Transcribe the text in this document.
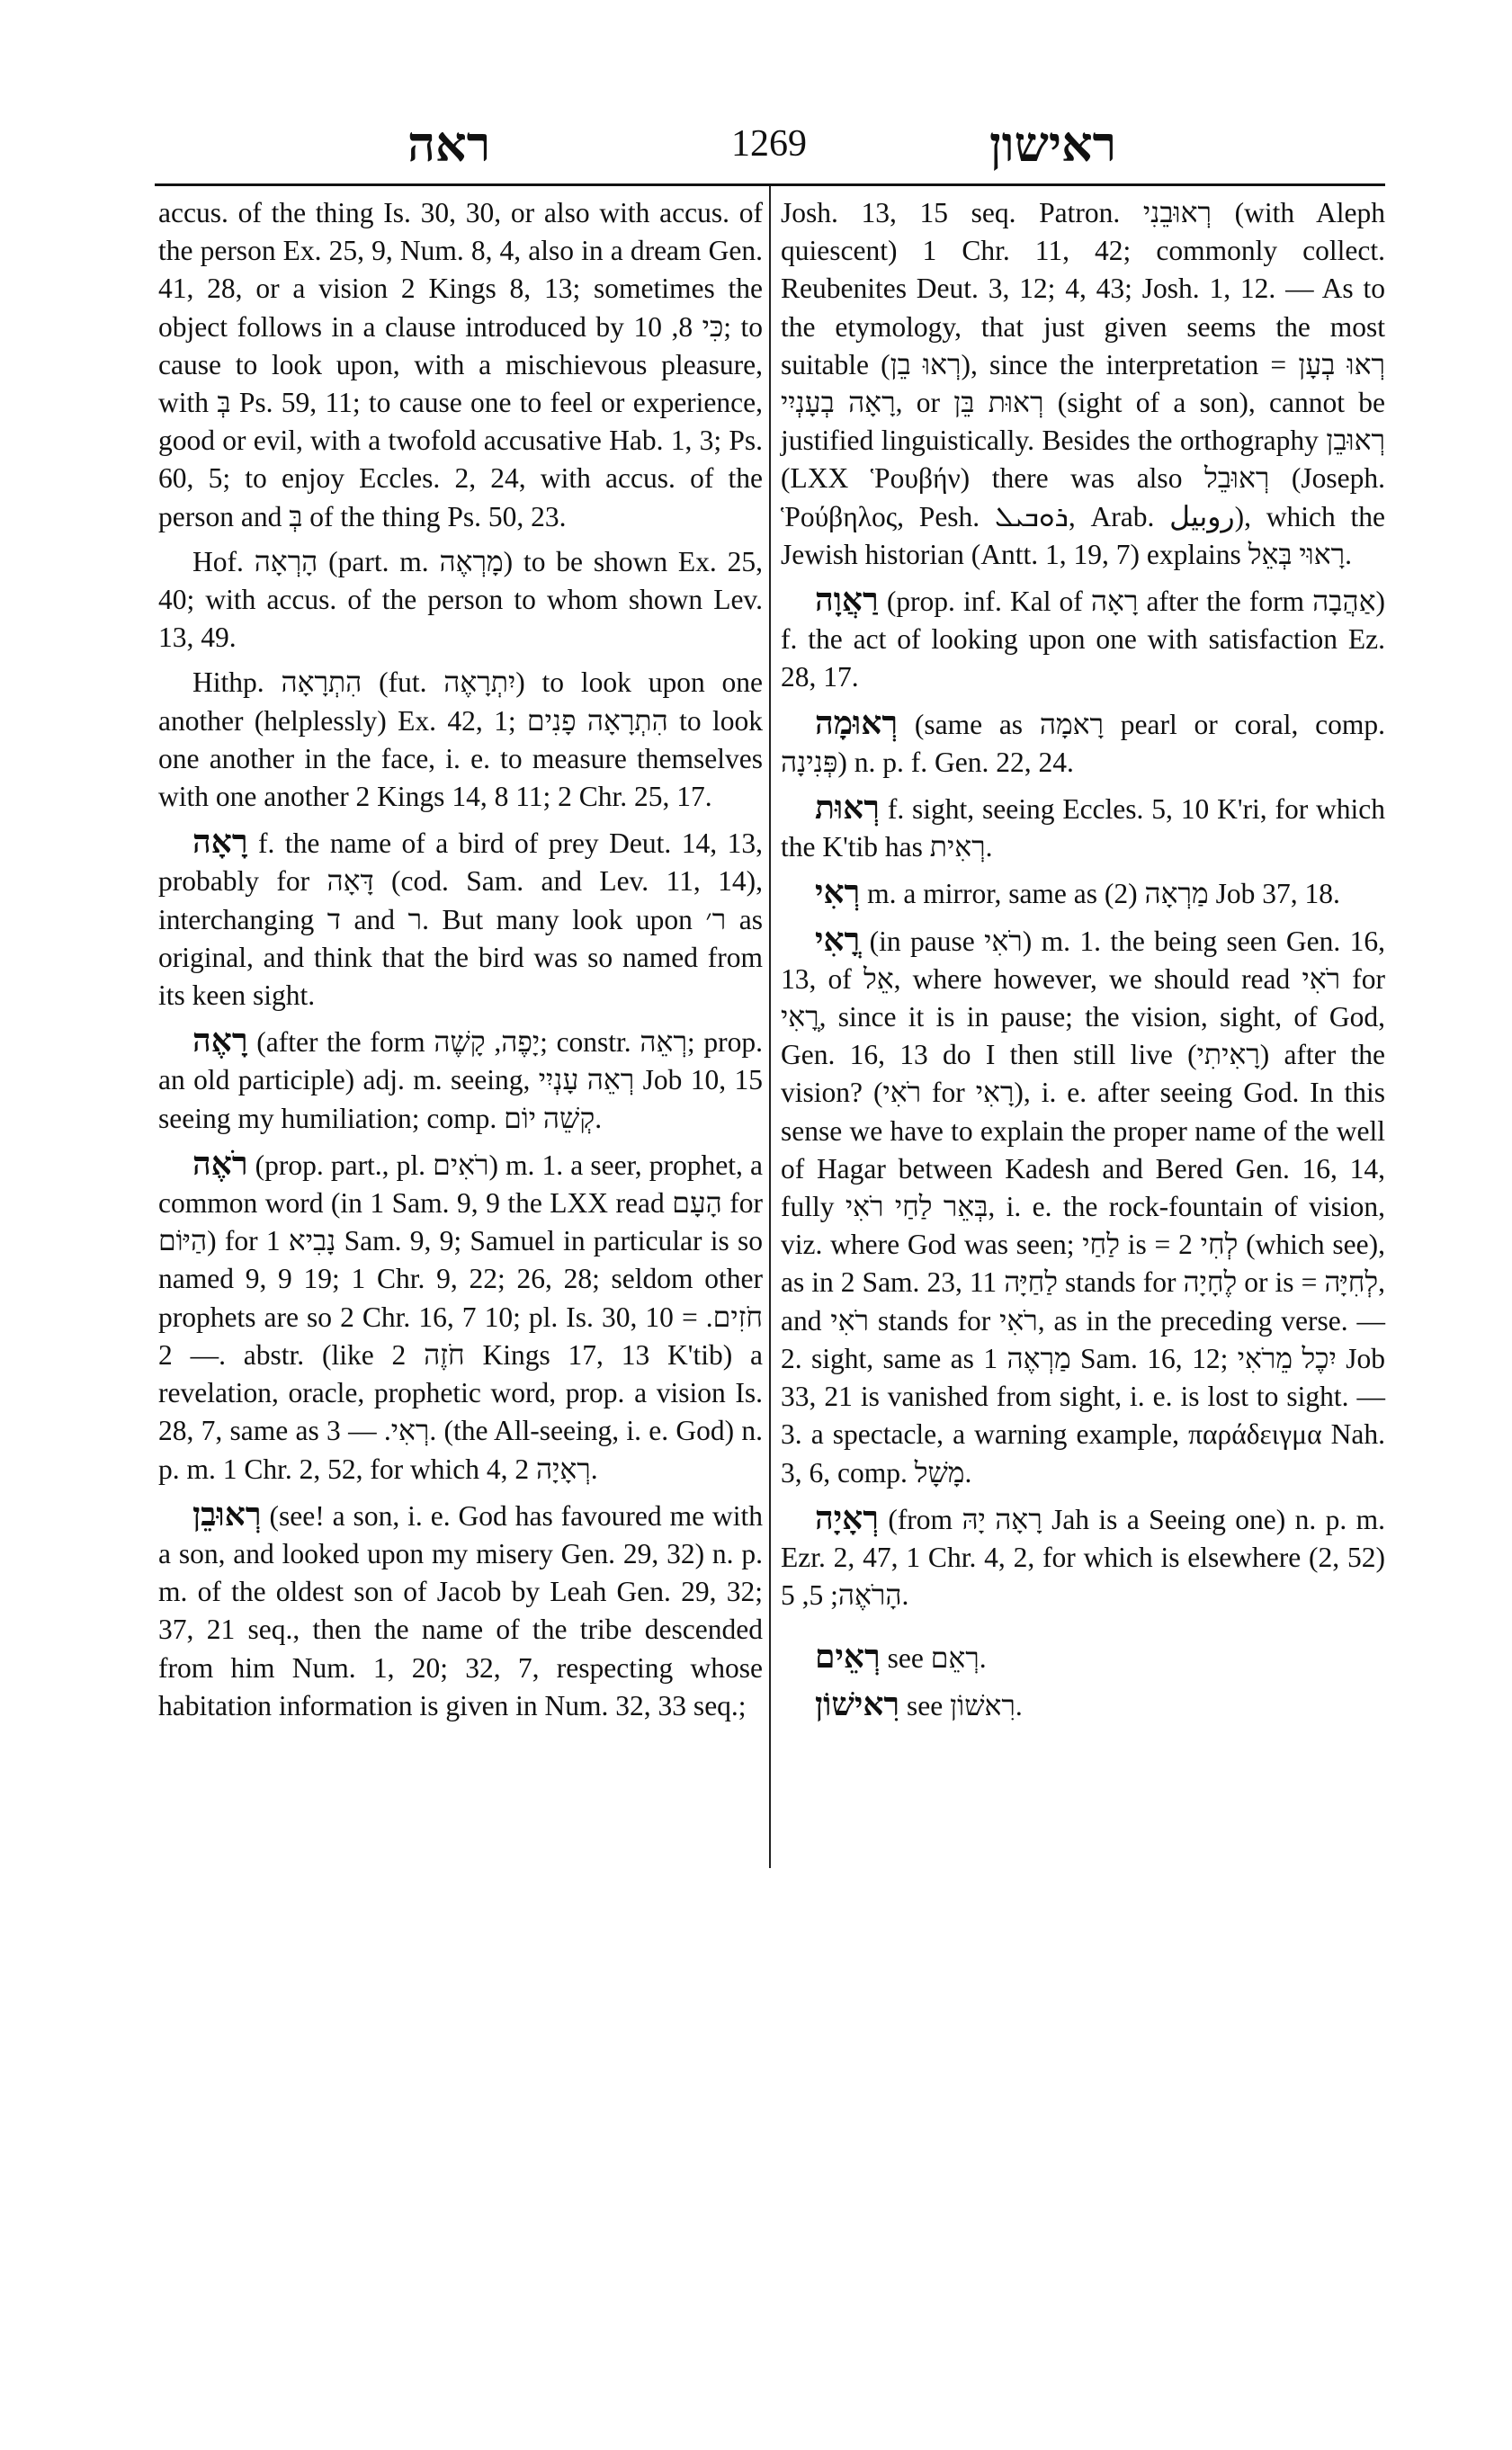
ראה	1269	ראישון

accus. of the thing Is. 30, 30, or also with accus. of the person Ex. 25, 9, Num. 8, 4, also in a dream Gen. 41, 28, or a vision 2 Kings 8, 13; sometimes the object follows in a clause introduced by כִּי 8, 10; to cause to look upon, with a mischievous pleasure, with בְּ Ps. 59, 11; to cause one to feel or experience, good or evil, with a twofold accusative Hab. 1, 3; Ps. 60, 5; to enjoy Eccles. 2, 24, with accus. of the person and בְּ of the thing Ps. 50, 23.

Hof. הָרְאָה (part. m. מָרְאֶה) to be shown Ex. 25, 40; with accus. of the person to whom shown Lev. 13, 49.

Hithp. הִתְרָאָה (fut. יִתְרָאֶה) to look upon one another (helplessly) Ex. 42, 1; הִתְרָאָה פָנִים to look one another in the face, i. e. to measure themselves with one another 2 Kings 14, 8 11; 2 Chr. 25, 17.

רָאָה f. the name of a bird of prey Deut. 14, 13, probably for דָּאָה (cod. Sam. and Lev. 11, 14), interchanging ד and ר. But many look upon ר׳ as original, and think that the bird was so named from its keen sight.

רָאֶה (after the form יָפֶה, קָשֶׁה; constr. רְאֵה; prop. an old participle) adj. m. seeing, רְאֵה עָנְיִי Job 10, 15 seeing my humiliation; comp. קְשֵׁה יוֹם.

רֹאֶה (prop. part., pl. רֹאִים) m. 1. a seer, prophet, a common word (in 1 Sam. 9, 9 the LXX read הָעָם for הַיּוֹם) for נָבִיא 1 Sam. 9, 9; Samuel in particular is so named 9, 9 19; 1 Chr. 9, 22; 26, 28; seldom other prophets are so 2 Chr. 16, 7 10; pl. Is. 30, 10 = חֹזִים. — 2. abstr. (like חֹזֶה 2 Kings 17, 13 K'tib) a revelation, oracle, prophetic word, prop. a vision Is. 28, 7, same as רְאִי. — 3. (the All-seeing, i. e. God) n. p. m. 1 Chr. 2, 52, for which 4, 2 רְאָיָה.

רְאוּבֵן (see! a son, i. e. God has favoured me with a son, and looked upon my misery Gen. 29, 32) n. p. m. of the oldest son of Jacob by Leah Gen. 29, 32; 37, 21 seq., then the name of the tribe descended from him Num. 1, 20; 32, 7, respecting whose habitation information is given in Num. 32, 33 seq.;

Josh. 13, 15 seq. Patron. רְאוּבֵנִי (with Aleph quiescent) 1 Chr. 11, 42; commonly collect. Reubenites Deut. 3, 12; 4, 43; Josh. 1, 12. — As to the etymology, that just given seems the most suitable (רְאוּ בֵן), since the interpretation רְאוּ בְעָן = רָאָה בְעָנְיִי, or רְאוּת בֵּן (sight of a son), cannot be justified linguistically. Besides the orthography רְאוּבֵן (LXX Ῥουβήν) there was also רְאוּבֵל (Joseph. Ῥούβηλος, Pesh. ܪܘܒܝܠ, Arab. روبيل), which the Jewish historian (Antt. 1, 19, 7) explains רָאוּי בְּאֵל.

רַאֲוָה (prop. inf. Kal of רָאָה after the form אַהֲבָה) f. the act of looking upon one with satisfaction Ez. 28, 17.

רְאוּמָה (same as רָאמָה pearl or coral, comp. פְּנִינָה) n. p. f. Gen. 22, 24.

רְאוּת f. sight, seeing Eccles. 5, 10 K'ri, for which the K'tib has רְאִית.

רְאִי m. a mirror, same as מַרְאָה (2) Job 37, 18.

רֳאִי (in pause רֹאִי) m. 1. the being seen Gen. 16, 13, of אֵל, where however, we should read רֹאִי for רֳאִי, since it is in pause; the vision, sight, of God, Gen. 16, 13 do I then still live (רָאִיתִי) after the vision? (רֹאִי for רָאִי), i. e. after seeing God. In this sense we have to explain the proper name of the well of Hagar between Kadesh and Bered Gen. 16, 14, fully בְּאֵר לַחַי רֹאִי, i. e. the rock-fountain of vision, viz. where God was seen; לַחַי is = לְחִי 2 (which see), as in 2 Sam. 23, 11 לַחַיָּה stands for לֶחָיָה or is = לְחִיָּה, and רֹאִי stands for רֹאִי, as in the preceding verse. — 2. sight, same as מַרְאֶה 1 Sam. 16, 12; יִכֶל מֵרֹאִי Job 33, 21 is vanished from sight, i. e. is lost to sight. — 3. a spectacle, a warning example, παράδειγμα Nah. 3, 6, comp. מָשָׁל.

רְאָיָה (from רָאָה יָהּ Jah is a Seeing one) n. p. m. Ezr. 2, 47, 1 Chr. 4, 2, for which is elsewhere (2, 52) הָרֹאֶה; 5, 5.

רְאֵים see רְאֵם.

רִאישׁוֹן see רִאשׁוֹן.
